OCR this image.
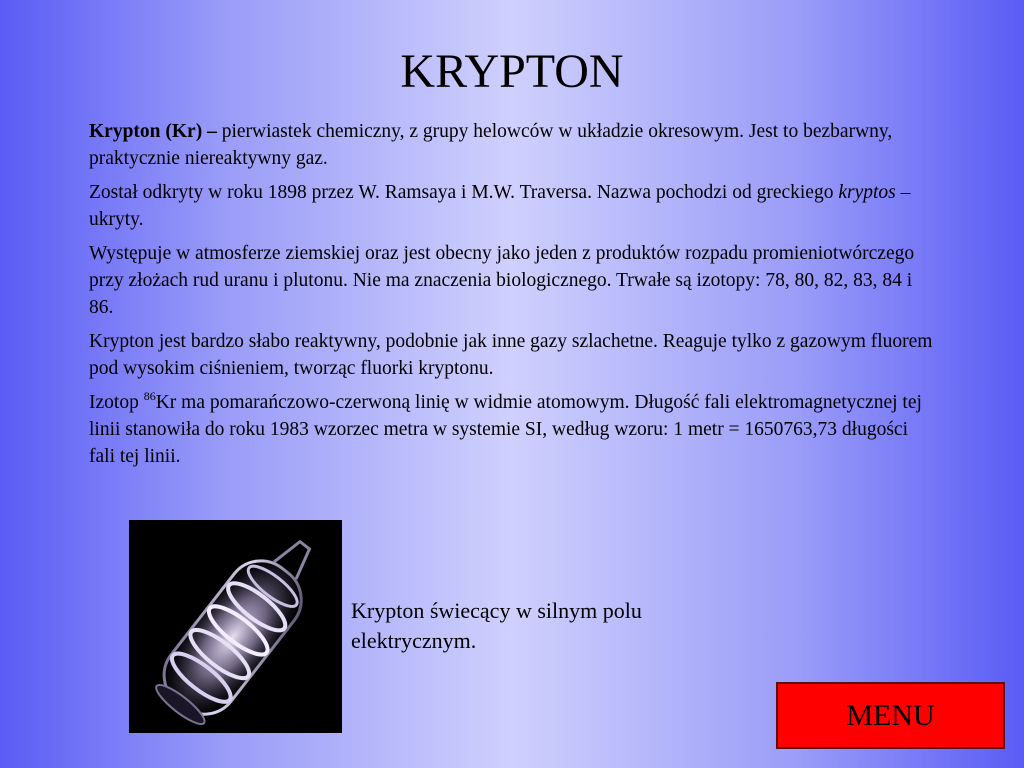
KRYPTON

Krypton (Kr) – pierwiastek chemiczny, z grupy helowców w układzie okresowym. Jest to bezbarwny, praktycznie niereaktywny gaz.

Został odkryty w roku 1898 przez W. Ramsaya i M.W. Traversa. Nazwa pochodzi od greckiego kryptos – ukryty.

Występuje w atmosferze ziemskiej oraz jest obecny jako jeden z produktów rozpadu promieniotwórczego przy złożach rud uranu i plutonu. Nie ma znaczenia biologicznego. Trwałe są izotopy: 78, 80, 82, 83, 84 i 86.

Krypton jest bardzo słabo reaktywny, podobnie jak inne gazy szlachetne. Reaguje tylko z gazowym fluorem pod wysokim ciśnieniem, tworząc fluorki kryptonu.

Izotop $^{86}$Kr ma pomarańczowo-czerwoną linię w widmie atomowym. Długość fali elektromagnetycznej tej linii stanowiła do roku 1983 wzorzec metra w systemie SI, według wzoru: 1 metr = 1650763,73 długości fali tej linii.

Krypton świecący w silnym polu elektrycznym.
MENU
